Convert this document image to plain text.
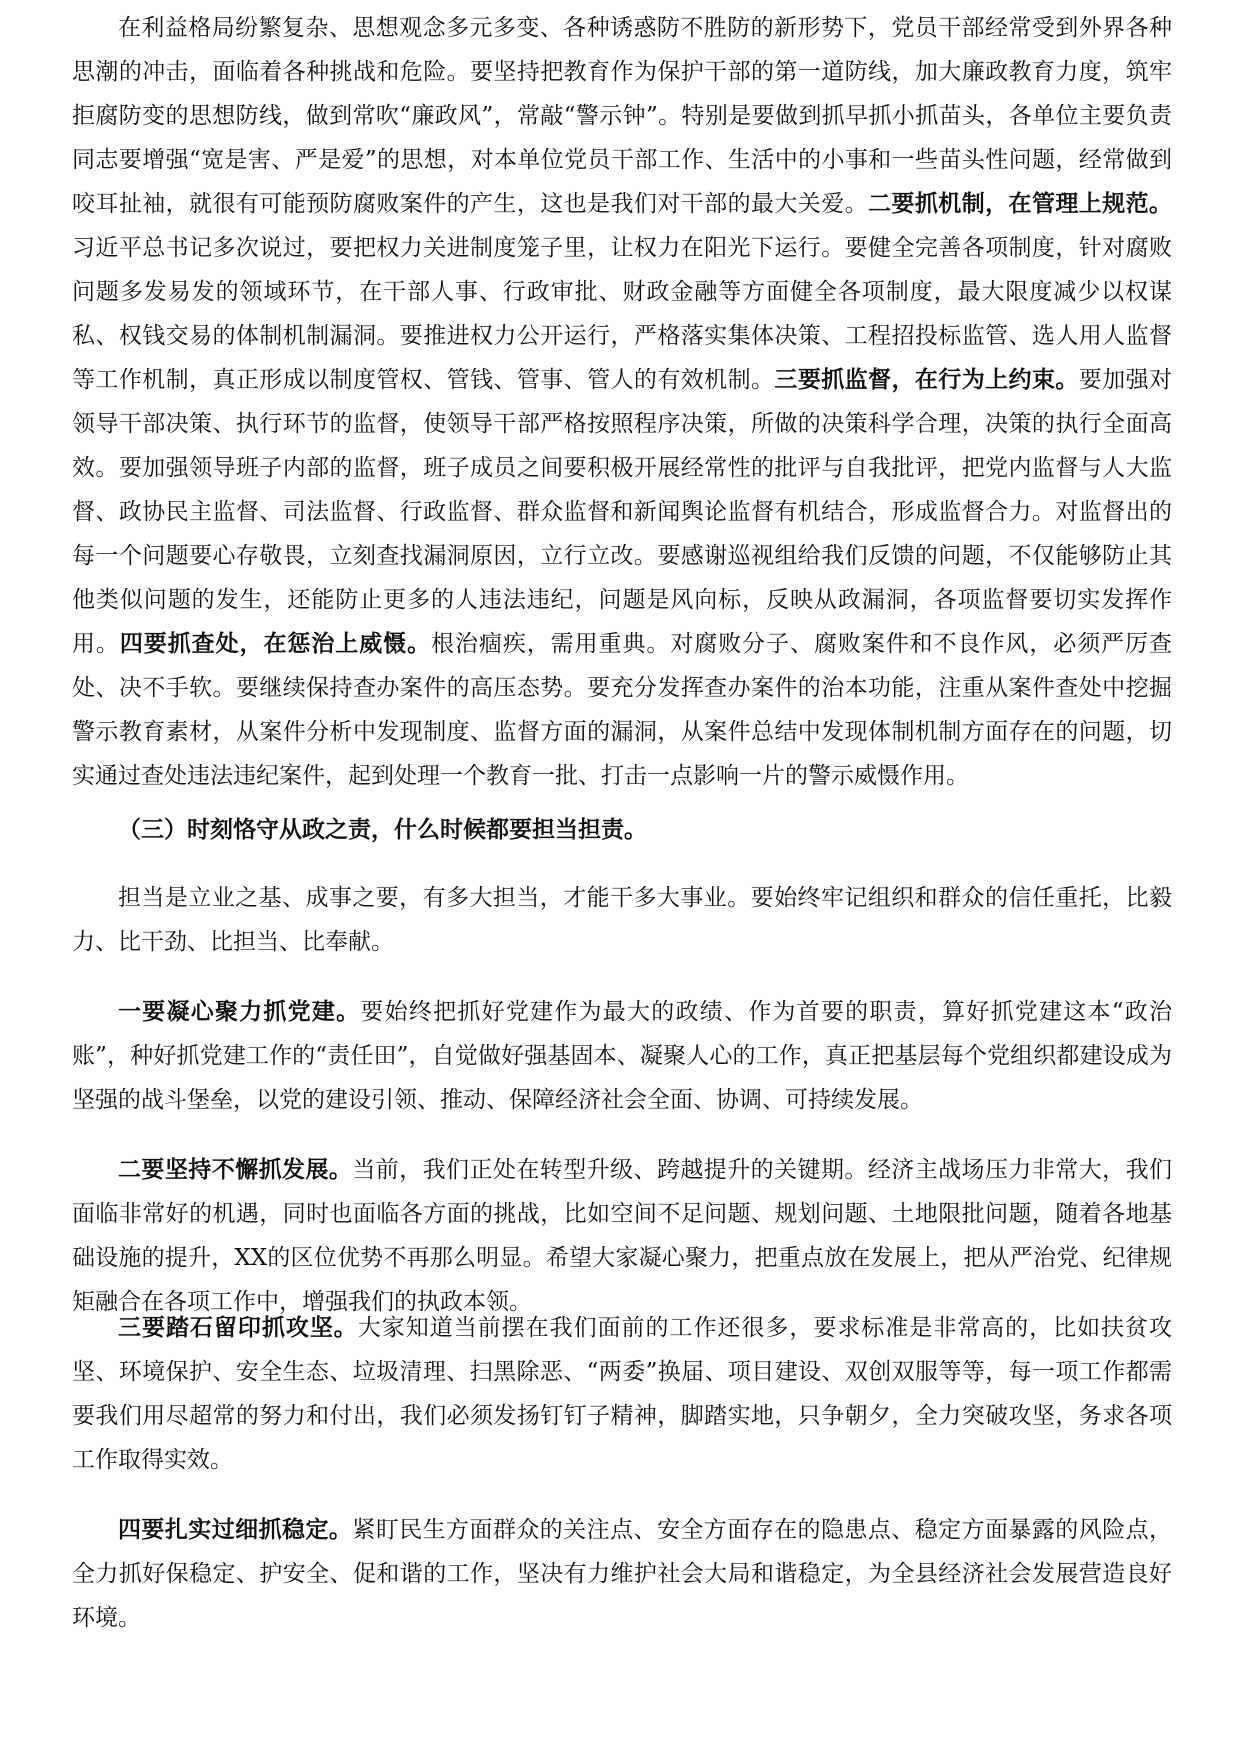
在利益格局纷繁复杂、思想观念多元多变、各种诱惑防不胜防的新形势下，党员干部经常受到外界各种思潮的冲击，面临着各种挑战和危险。要坚持把教育作为保护干部的第一道防线，加大廉政教育力度，筑牢拒腐防变的思想防线，做到常吹“廉政风”，常敲“警示钟”。特别是要做到抓早抓小抓苗头，各单位主要负责同志要增强“宽是害、严是爱”的思想，对本单位党员干部工作、生活中的小事和一些苗头性问题，经常做到咬耳扯袖，就很有可能预防腐败案件的产生，这也是我们对干部的最大关爱。二要抓机制，在管理上规范。习近平总书记多次说过，要把权力关进制度笼子里，让权力在阳光下运行。要健全完善各项制度，针对腐败问题多发易发的领域环节，在干部人事、行政审批、财政金融等方面健全各项制度，最大限度减少以权谋私、权钱交易的体制机制漏洞。要推进权力公开运行，严格落实集体决策、工程招投标监管、选人用人监督等工作机制，真正形成以制度管权、管钱、管事、管人的有效机制。三要抓监督，在行为上约束。要加强对领导干部决策、执行环节的监督，使领导干部严格按照程序决策，所做的决策科学合理，决策的执行全面高效。要加强领导班子内部的监督，班子成员之间要积极开展经常性的批评与自我批评，把党内监督与人大监督、政协民主监督、司法监督、行政监督、群众监督和新闻舆论监督有机结合，形成监督合力。对监督出的每一个问题要心存敬畏，立刻查找漏洞原因，立行立改。要感谢巡视组给我们反馈的问题，不仅能够防止其他类似问题的发生，还能防止更多的人违法违纪，问题是风向标，反映从政漏洞，各项监督要切实发挥作用。四要抓查处，在惩治上威慑。根治痼疾，需用重典。对腐败分子、腐败案件和不良作风，必须严厉查处、决不手软。要继续保持查办案件的高压态势。要充分发挥查办案件的治本功能，注重从案件查处中挖掘警示教育素材，从案件分析中发现制度、监督方面的漏洞，从案件总结中发现体制机制方面存在的问题，切实通过查处违法违纪案件，起到处理一个教育一批、打击一点影响一片的警示威慑作用。

（三）时刻恪守从政之责，什么时候都要担当担责。

担当是立业之基、成事之要，有多大担当，才能干多大事业。要始终牢记组织和群众的信任重托，比毅力、比干劲、比担当、比奉献。

一要凝心聚力抓党建。要始终把抓好党建作为最大的政绩、作为首要的职责，算好抓党建这本“政治账”，种好抓党建工作的“责任田”，自觉做好强基固本、凝聚人心的工作，真正把基层每个党组织都建设成为坚强的战斗堡垒，以党的建设引领、推动、保障经济社会全面、协调、可持续发展。

二要坚持不懈抓发展。当前，我们正处在转型升级、跨越提升的关键期。经济主战场压力非常大，我们面临非常好的机遇，同时也面临各方面的挑战，比如空间不足问题、规划问题、土地限批问题，随着各地基础设施的提升，XX的区位优势不再那么明显。希望大家凝心聚力，把重点放在发展上，把从严治党、纪律规矩融合在各项工作中，增强我们的执政本领。

三要踏石留印抓攻坚。大家知道当前摆在我们面前的工作还很多，要求标准是非常高的，比如扶贫攻坚、环境保护、安全生态、垃圾清理、扫黑除恶、“两委”换届、项目建设、双创双服等等，每一项工作都需要我们用尽超常的努力和付出，我们必须发扬钉钉子精神，脚踏实地，只争朝夕，全力突破攻坚，务求各项工作取得实效。

四要扎实过细抓稳定。紧盯民生方面群众的关注点、安全方面存在的隐患点、稳定方面暴露的风险点，全力抓好保稳定、护安全、促和谐的工作，坚决有力维护社会大局和谐稳定，为全县经济社会发展营造良好环境。
